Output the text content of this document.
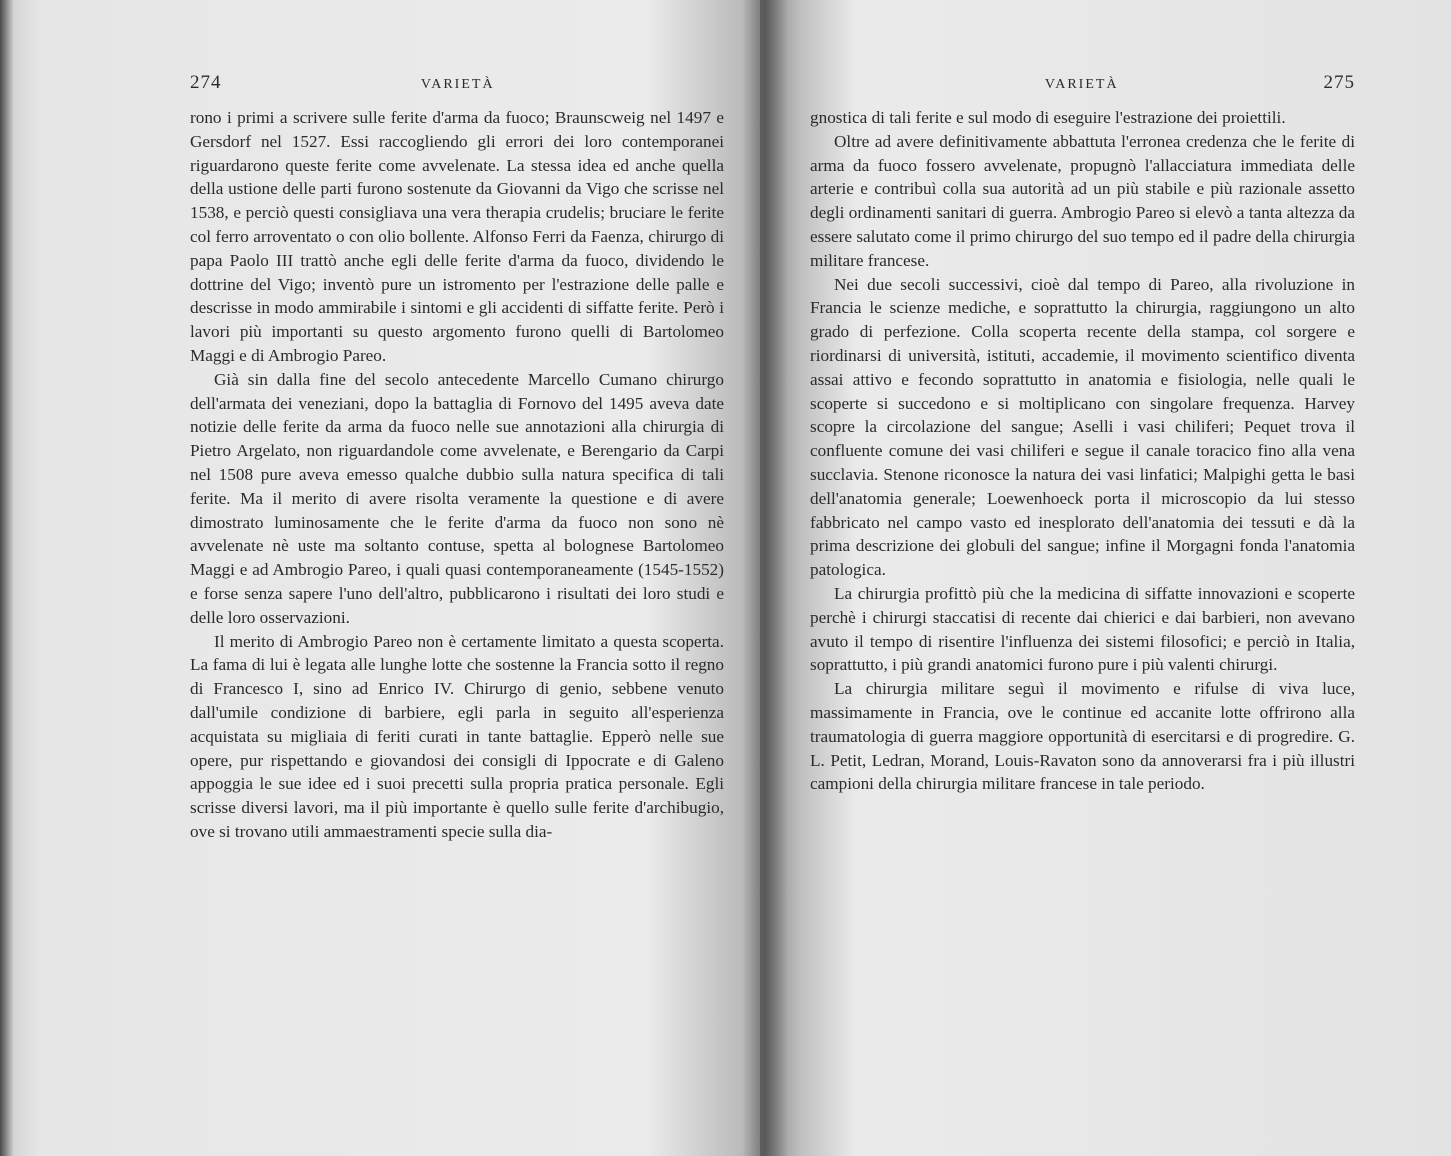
274	VARIETÀ

rono i primi a scrivere sulle ferite d'arma da fuoco; Braunscweig nel 1497 e Gersdorf nel 1527. Essi raccogliendo gli errori dei loro contemporanei riguardarono queste ferite come avvelenate. La stessa idea ed anche quella della ustione delle parti furono sostenute da Giovanni da Vigo che scrisse nel 1538, e perciò questi consigliava una vera therapia crudelis; bruciare le ferite col ferro arroventato o con olio bollente. Alfonso Ferri da Faenza, chirurgo di papa Paolo III trattò anche egli delle ferite d'arma da fuoco, dividendo le dottrine del Vigo; inventò pure un istromento per l'estrazione delle palle e descrisse in modo ammirabile i sintomi e gli accidenti di siffatte ferite. Però i lavori più importanti su questo argomento furono quelli di Bartolomeo Maggi e di Ambrogio Pareo.

Già sin dalla fine del secolo antecedente Marcello Cumano chirurgo dell'armata dei veneziani, dopo la battaglia di Fornovo del 1495 aveva date notizie delle ferite da arma da fuoco nelle sue annotazioni alla chirurgia di Pietro Argelato, non riguardandole come avvelenate, e Berengario da Carpi nel 1508 pure aveva emesso qualche dubbio sulla natura specifica di tali ferite. Ma il merito di avere risolta veramente la questione e di avere dimostrato luminosamente che le ferite d'arma da fuoco non sono nè avvelenate nè uste ma soltanto contuse, spetta al bolognese Bartolomeo Maggi e ad Ambrogio Pareo, i quali quasi contemporaneamente (1545-1552) e forse senza sapere l'uno dell'altro, pubblicarono i risultati dei loro studi e delle loro osservazioni.

Il merito di Ambrogio Pareo non è certamente limitato a questa scoperta. La fama di lui è legata alle lunghe lotte che sostenne la Francia sotto il regno di Francesco I, sino ad Enrico IV. Chirurgo di genio, sebbene venuto dall'umile condizione di barbiere, egli parla in seguito all'esperienza acquistata su migliaia di feriti curati in tante battaglie. Epperò nelle sue opere, pur rispettando e giovandosi dei consigli di Ippocrate e di Galeno appoggia le sue idee ed i suoi precetti sulla propria pratica personale. Egli scrisse diversi lavori, ma il più importante è quello sulle ferite d'archibugio, ove si trovano utili ammaestramenti specie sulla dia-

VARIETÀ	275

gnostica di tali ferite e sul modo di eseguire l'estrazione dei proiettili.

Oltre ad avere definitivamente abbattuta l'erronea credenza che le ferite di arma da fuoco fossero avvelenate, propugnò l'allacciatura immediata delle arterie e contribuì colla sua autorità ad un più stabile e più razionale assetto degli ordinamenti sanitari di guerra. Ambrogio Pareo si elevò a tanta altezza da essere salutato come il primo chirurgo del suo tempo ed il padre della chirurgia militare francese.

Nei due secoli successivi, cioè dal tempo di Pareo, alla rivoluzione in Francia le scienze mediche, e soprattutto la chirurgia, raggiungono un alto grado di perfezione. Colla scoperta recente della stampa, col sorgere e riordinarsi di università, istituti, accademie, il movimento scientifico diventa assai attivo e fecondo soprattutto in anatomia e fisiologia, nelle quali le scoperte si succedono e si moltiplicano con singolare frequenza. Harvey scopre la circolazione del sangue; Aselli i vasi chiliferi; Pequet trova il confluente comune dei vasi chiliferi e segue il canale toracico fino alla vena succlavia. Stenone riconosce la natura dei vasi linfatici; Malpighi getta le basi dell'anatomia generale; Loewenhoeck porta il microscopio da lui stesso fabbricato nel campo vasto ed inesplorato dell'anatomia dei tessuti e dà la prima descrizione dei globuli del sangue; infine il Morgagni fonda l'anatomia patologica.

La chirurgia profittò più che la medicina di siffatte innovazioni e scoperte perchè i chirurgi staccatisi di recente dai chierici e dai barbieri, non avevano avuto il tempo di risentire l'influenza dei sistemi filosofici; e perciò in Italia, soprattutto, i più grandi anatomici furono pure i più valenti chirurgi.

La chirurgia militare seguì il movimento e rifulse di viva luce, massimamente in Francia, ove le continue ed accanite lotte offrirono alla traumatologia di guerra maggiore opportunità di esercitarsi e di progredire. G. L. Petit, Ledran, Morand, Louis-Ravaton sono da annoverarsi fra i più illustri campioni della chirurgia militare francese in tale periodo.
